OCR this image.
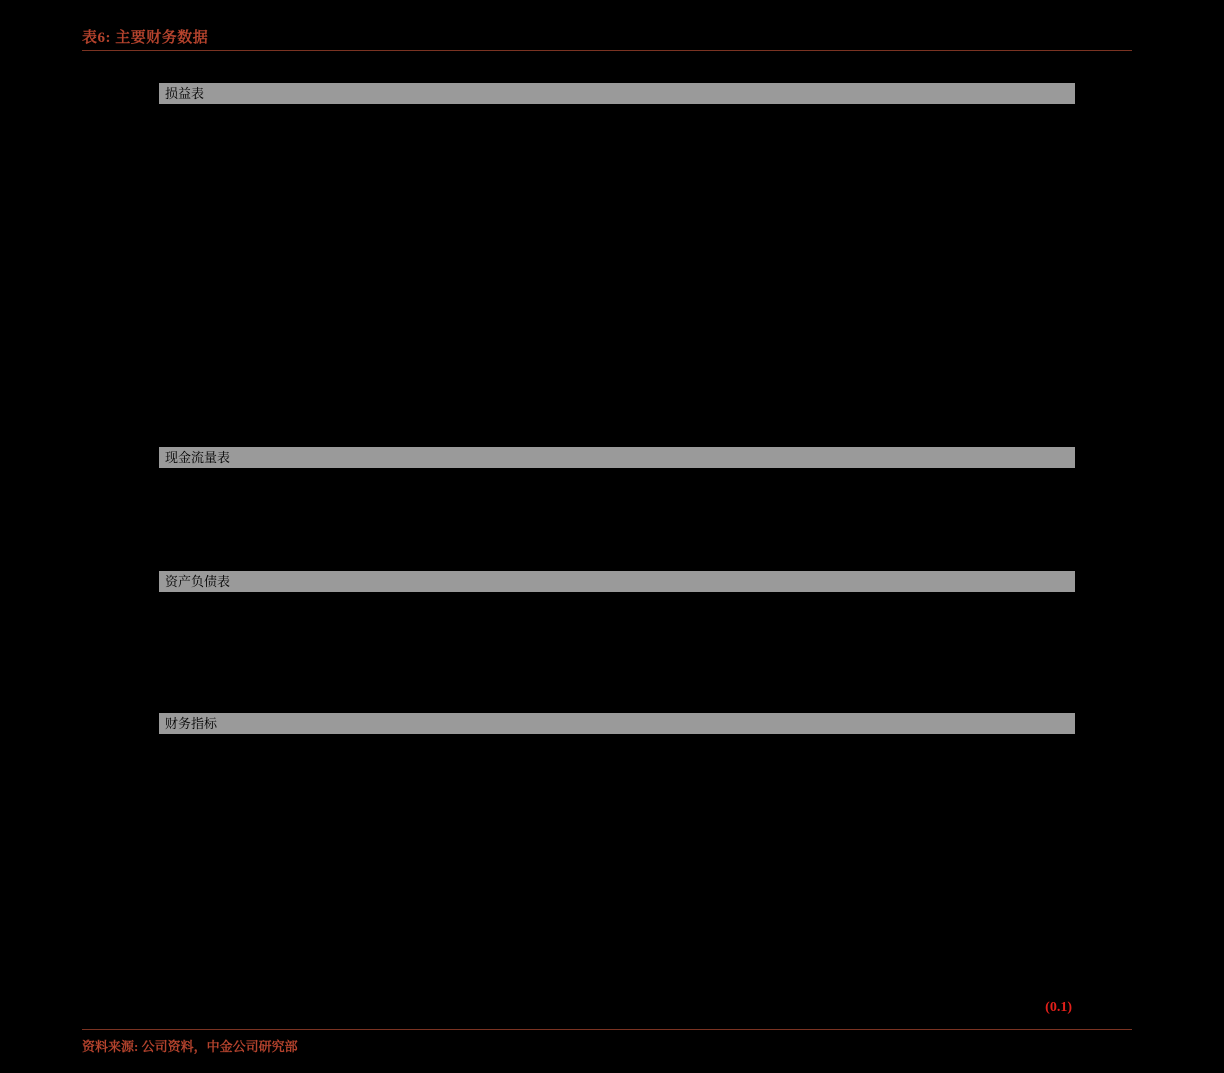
表6: 主要财务数据
损益表
现金流量表
资产负债表
财务指标
(0.1)
资料来源: 公司资料，中金公司研究部
